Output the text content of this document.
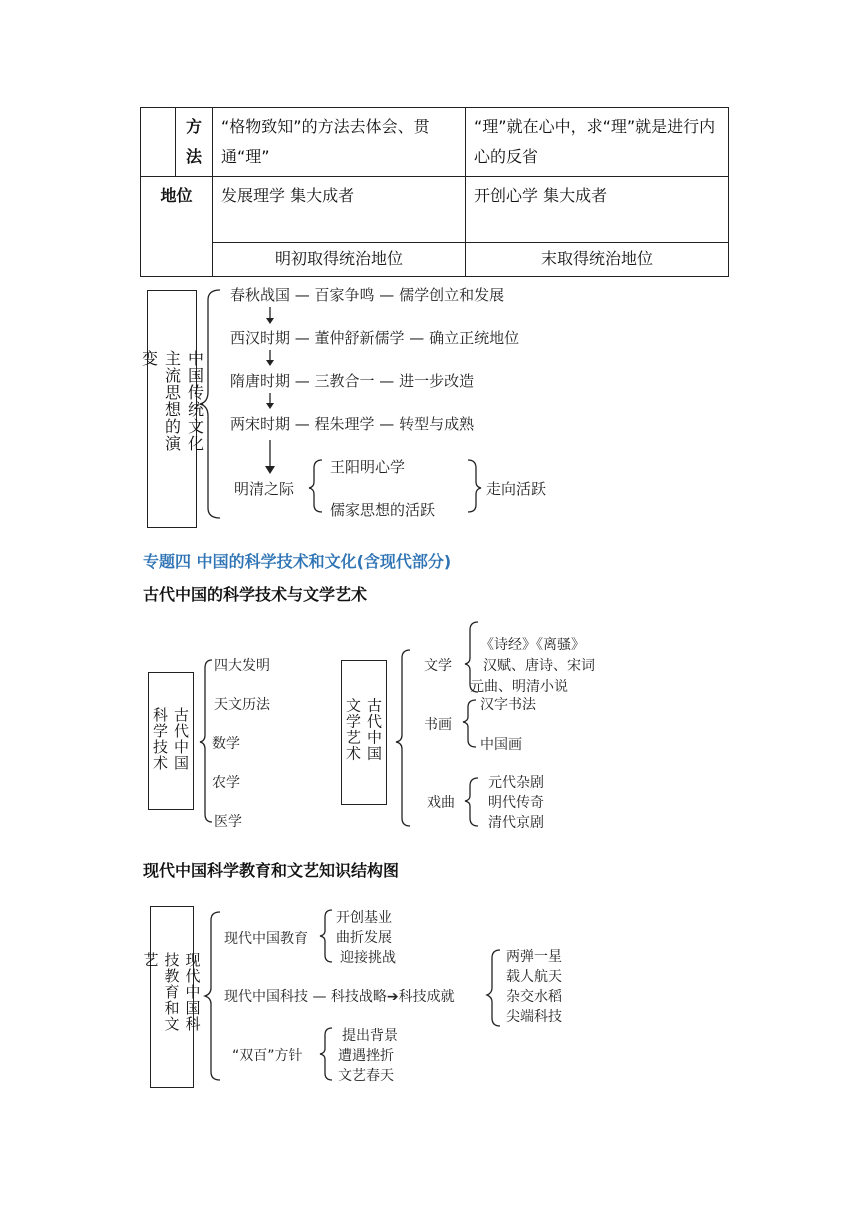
	方法	“格物致知”的方法去体会、贯通“理”	“理”就在心中，求“理”就是进行内心的反省
地位		发展理学 集大成者	开创心学 集大成者
		明初取得统治地位	末取得统治地位
中国传统文化主流思想的演变
春秋战国 — 百家争鸣 — 儒学创立和发展
西汉时期 — 董仲舒新儒学 — 确立正统地位
隋唐时期 — 三教合一 — 进一步改造
两宋时期 — 程朱理学 — 转型与成熟
明清之际
王阳明心学
儒家思想的活跃
走向活跃
专题四 中国的科学技术和文化(含现代部分)
古代中国的科学技术与文学艺术
古代中国科学技术
四大发明
天文历法
数学
农学
医学
古代中国文学艺术
文学
《诗经》《离骚》
汉赋、唐诗、宋词
元曲、明清小说
书画
汉字书法
中国画
戏曲
元代杂剧
明代传奇
清代京剧
现代中国科学教育和文艺知识结构图
现代中国科技教育和文艺
现代中国教育
开创基业
曲折发展
迎接挑战
现代中国科技 — 科技战略➔科技成就
两弹一星
载人航天
杂交水稻
尖端科技
“双百”方针
提出背景
遭遇挫折
文艺春天
